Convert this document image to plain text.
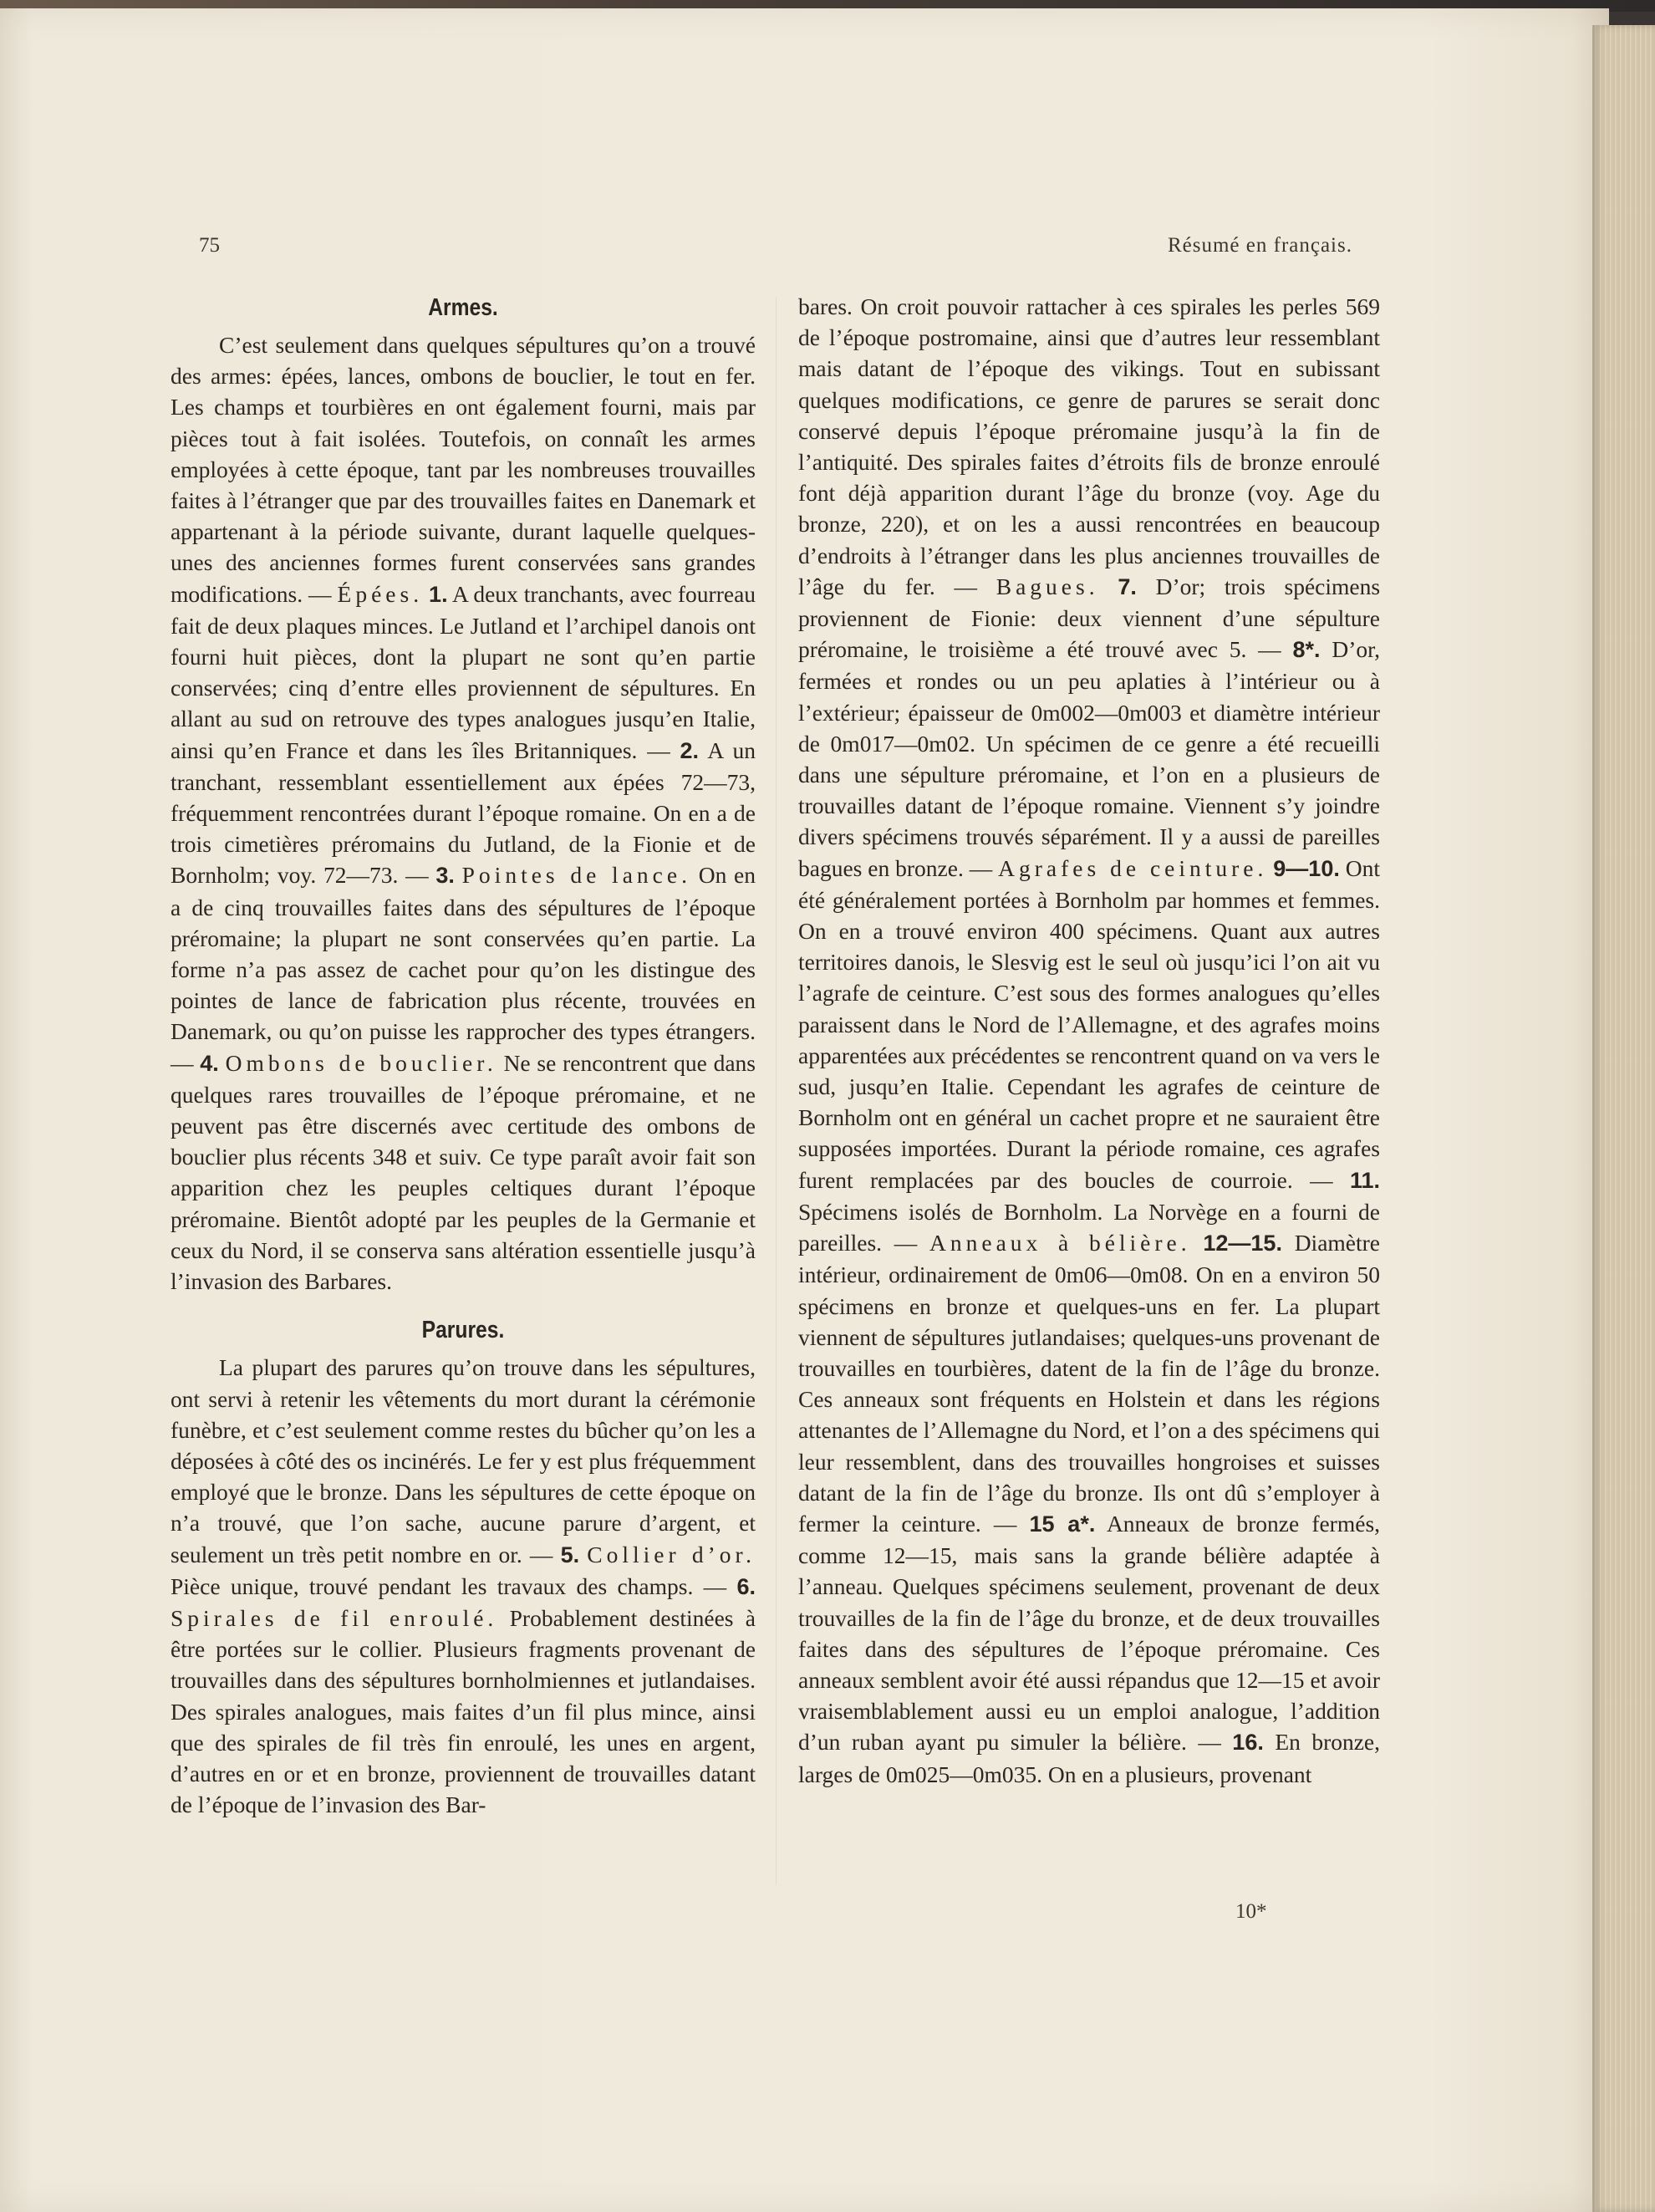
75	Résumé en français.
Armes.

C’est seulement dans quelques sépultures qu’on a trouvé des armes: épées, lances, ombons de bouclier, le tout en fer. Les champs et tourbières en ont également fourni, mais par pièces tout à fait isolées. Toutefois, on connaît les armes employées à cette époque, tant par les nombreuses trouvailles faites à l’étranger que par des trouvailles faites en Danemark et appartenant à la période suivante, durant laquelle quelques-unes des anciennes formes furent conservées sans grandes modifications. — Épées. 1. A deux tranchants, avec fourreau fait de deux plaques minces. Le Jutland et l’archipel danois ont fourni huit pièces, dont la plupart ne sont qu’en partie conservées; cinq d’entre elles proviennent de sépultures. En allant au sud on retrouve des types analogues jusqu’en Italie, ainsi qu’en France et dans les îles Britanniques. — 2. A un tranchant, ressemblant essentiellement aux épées 72—73, fréquemment rencontrées durant l’époque romaine. On en a de trois cimetières préromains du Jutland, de la Fionie et de Bornholm; voy. 72—73. — 3. Pointes de lance. On en a de cinq trouvailles faites dans des sépultures de l’époque préromaine; la plupart ne sont conservées qu’en partie. La forme n’a pas assez de cachet pour qu’on les distingue des pointes de lance de fabrication plus récente, trouvées en Danemark, ou qu’on puisse les rapprocher des types étrangers. — 4. Ombons de bouclier. Ne se rencontrent que dans quelques rares trouvailles de l’époque préromaine, et ne peuvent pas être discernés avec certitude des ombons de bouclier plus récents 348 et suiv. Ce type paraît avoir fait son apparition chez les peuples celtiques durant l’époque préromaine. Bientôt adopté par les peuples de la Germanie et ceux du Nord, il se conserva sans altération essentielle jusqu’à l’invasion des Barbares.

Parures.

La plupart des parures qu’on trouve dans les sépultures, ont servi à retenir les vêtements du mort durant la cérémonie funèbre, et c’est seulement comme restes du bûcher qu’on les a déposées à côté des os incinérés. Le fer y est plus fréquemment employé que le bronze. Dans les sépultures de cette époque on n’a trouvé, que l’on sache, aucune parure d’argent, et seulement un très petit nombre en or. — 5. Collier d’or. Pièce unique, trouvé pendant les travaux des champs. — 6. Spirales de fil enroulé. Probablement destinées à être portées sur le collier. Plusieurs fragments provenant de trouvailles dans des sépultures bornholmiennes et jutlandaises. Des spirales analogues, mais faites d’un fil plus mince, ainsi que des spirales de fil très fin enroulé, les unes en argent, d’autres en or et en bronze, proviennent de trouvailles datant de l’époque de l’invasion des Bar-

bares. On croit pouvoir rattacher à ces spirales les perles 569 de l’époque postromaine, ainsi que d’autres leur ressemblant mais datant de l’époque des vikings. Tout en subissant quelques modifications, ce genre de parures se serait donc conservé depuis l’époque préromaine jusqu’à la fin de l’antiquité. Des spirales faites d’étroits fils de bronze enroulé font déjà apparition durant l’âge du bronze (voy. Age du bronze, 220), et on les a aussi rencontrées en beaucoup d’endroits à l’étranger dans les plus anciennes trouvailles de l’âge du fer. — Bagues. 7. D’or; trois spécimens proviennent de Fionie: deux viennent d’une sépulture préromaine, le troisième a été trouvé avec 5. — 8*. D’or, fermées et rondes ou un peu aplaties à l’intérieur ou à l’extérieur; épaisseur de 0m002—0m003 et diamètre intérieur de 0m017—0m02. Un spécimen de ce genre a été recueilli dans une sépulture préromaine, et l’on en a plusieurs de trouvailles datant de l’époque romaine. Viennent s’y joindre divers spécimens trouvés séparément. Il y a aussi de pareilles bagues en bronze. — Agrafes de ceinture. 9—10. Ont été généralement portées à Bornholm par hommes et femmes. On en a trouvé environ 400 spécimens. Quant aux autres territoires danois, le Slesvig est le seul où jusqu’ici l’on ait vu l’agrafe de ceinture. C’est sous des formes analogues qu’elles paraissent dans le Nord de l’Allemagne, et des agrafes moins apparentées aux précédentes se rencontrent quand on va vers le sud, jusqu’en Italie. Cependant les agrafes de ceinture de Bornholm ont en général un cachet propre et ne sauraient être supposées importées. Durant la période romaine, ces agrafes furent remplacées par des boucles de courroie. — 11. Spécimens isolés de Bornholm. La Norvège en a fourni de pareilles. — Anneaux à bélière. 12—15. Diamètre intérieur, ordinairement de 0m06—0m08. On en a environ 50 spécimens en bronze et quelques-uns en fer. La plupart viennent de sépultures jutlandaises; quelques-uns provenant de trouvailles en tourbières, datent de la fin de l’âge du bronze. Ces anneaux sont fréquents en Holstein et dans les régions attenantes de l’Allemagne du Nord, et l’on a des spécimens qui leur ressemblent, dans des trouvailles hongroises et suisses datant de la fin de l’âge du bronze. Ils ont dû s’employer à fermer la ceinture. — 15 a*. Anneaux de bronze fermés, comme 12—15, mais sans la grande bélière adaptée à l’anneau. Quelques spécimens seulement, provenant de deux trouvailles de la fin de l’âge du bronze, et de deux trouvailles faites dans des sépultures de l’époque préromaine. Ces anneaux semblent avoir été aussi répandus que 12—15 et avoir vraisemblablement aussi eu un emploi analogue, l’addition d’un ruban ayant pu simuler la bélière. — 16. En bronze, larges de 0m025—0m035. On en a plusieurs, provenant

10*
